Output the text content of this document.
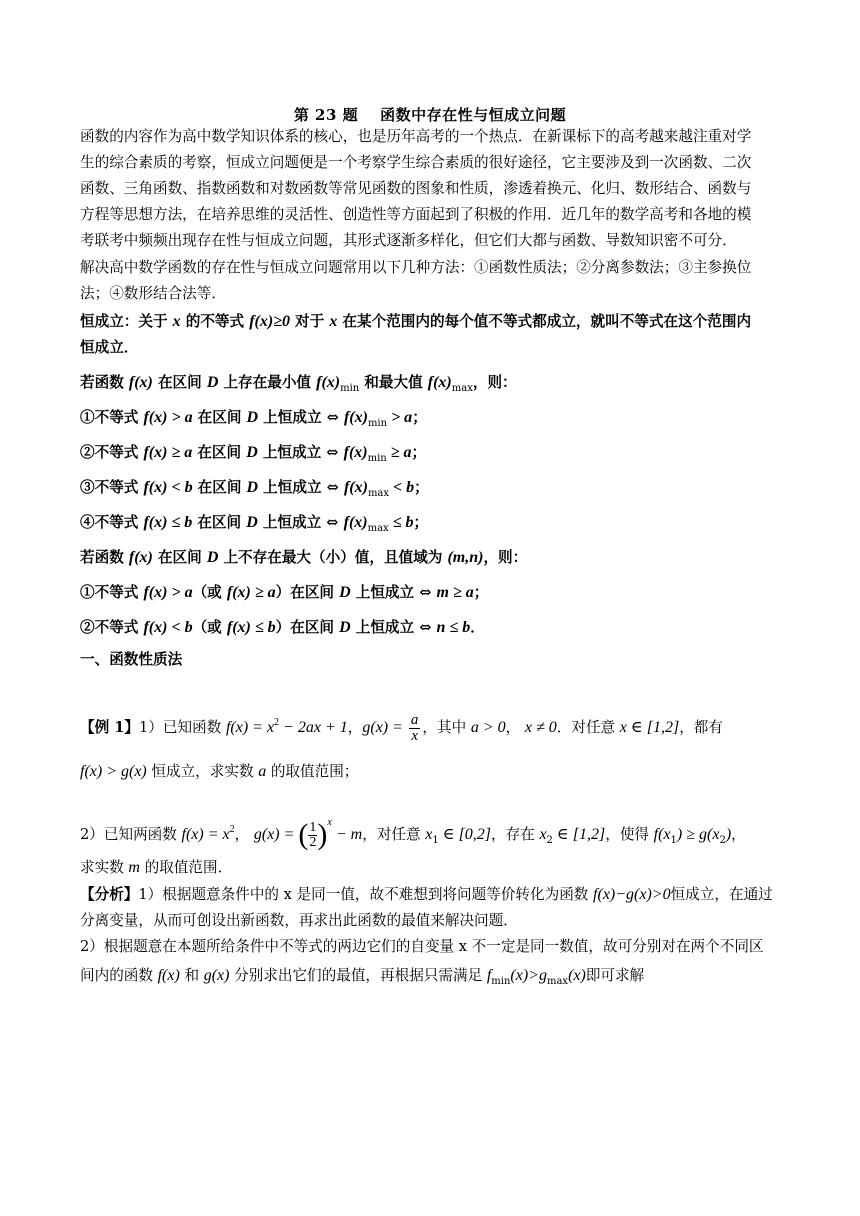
第 23 题 函数中存在性与恒成立问题
函数的内容作为高中数学知识体系的核心，也是历年高考的一个热点．在新课标下的高考越来越注重对学
生的综合素质的考察，恒成立问题便是一个考察学生综合素质的很好途径，它主要涉及到一次函数、二次
函数、三角函数、指数函数和对数函数等常见函数的图象和性质，渗透着换元、化归、数形结合、函数与
方程等思想方法，在培养思维的灵活性、创造性等方面起到了积极的作用．近几年的数学高考和各地的模
考联考中频频出现存在性与恒成立问题，其形式逐渐多样化，但它们大都与函数、导数知识密不可分．
解决高中数学函数的存在性与恒成立问题常用以下几种方法：①函数性质法；②分离参数法；③主参换位
法；④数形结合法等．
恒成立：关于 x 的不等式 f(x)≥0 对于 x 在某个范围内的每个值不等式都成立，就叫不等式在这个范围内
恒成立．
若函数 f(x) 在区间 D 上存在最小值 $f(x)_{min}$ 和最大值 $f(x)_{max}$，则：
①不等式 f(x) > a 在区间 D 上恒成立 ⇔ $f(x)_{min} > a$；
②不等式 f(x) ≥ a 在区间 D 上恒成立 ⇔ $f(x)_{min} \ge a$；
③不等式 f(x) < b 在区间 D 上恒成立 ⇔ $f(x)_{max} < b$；
④不等式 f(x) ≤ b 在区间 D 上恒成立 ⇔ $f(x)_{max} \le b$；
若函数 f(x) 在区间 D 上不存在最大（小）值，且值域为 (m,n)，则：
①不等式 f(x) > a（或 f(x) ≥ a）在区间 D 上恒成立 ⇔ m ≥ a；
②不等式 f(x) < b（或 f(x) ≤ b）在区间 D 上恒成立 ⇔ n ≤ b．
一、函数性质法
【例 1】1）已知函数 $f(x) = x^2 - 2ax + 1$，$g(x) = \frac{a}{x}$ ，其中 a > 0， x ≠ 0．对任意 x ∈ [1,2]，都有
f(x) > g(x) 恒成立，求实数 a 的取值范围；
2）已知两函数 $f(x) = x^2$， g(x) = ( $\frac{1}{2} )^x - m$，对任意 $x_1$ ∈ [0,2]，存在 $x_2$ ∈ [1,2]，使得 $f(x_1) \ge g(x_2)$，
求实数 m 的取值范围．
【分析】1）根据题意条件中的 x 是同一值，故不难想到将问题等价转化为函数 f(x)−g(x)>0恒成立，在通过
分离变量，从而可创设出新函数，再求出此函数的最值来解决问题．
2）根据题意在本题所给条件中不等式的两边它们的自变量 x 不一定是同一数值，故可分别对在两个不同区
间内的函数 f(x) 和 g(x) 分别求出它们的最值，再根据只需满足 $f_{min}(x)>g_{max}(x)$即可求解
